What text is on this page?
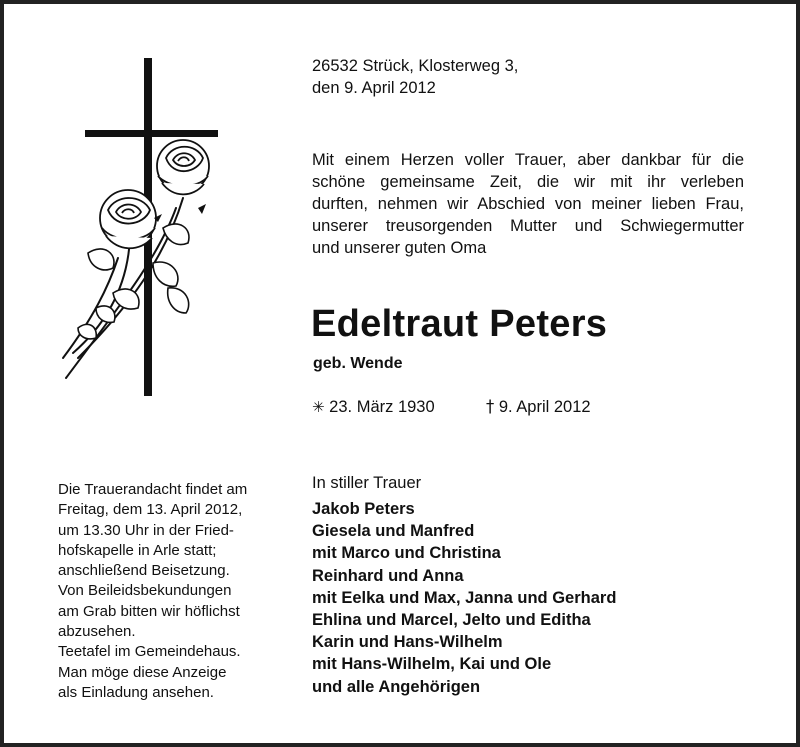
26532 Strück, Klosterweg 3,
den 9. April 2012
Mit einem Herzen voller Trauer, aber dankbar für die
schöne gemeinsame Zeit, die wir mit ihr verleben
durften, nehmen wir Abschied von meiner lieben Frau,
unserer treusorgenden Mutter und Schwiegermutter
und unserer guten Oma
Edeltraut Peters
geb. Wende
✳ 23. März 1930	† 9. April 2012
In stiller Trauer
Jakob Peters
Giesela und Manfred
mit Marco und Christina
Reinhard und Anna
mit Eelka und Max, Janna und Gerhard
Ehlina und Marcel, Jelto und Editha
Karin und Hans-Wilhelm
mit Hans-Wilhelm, Kai und Ole
und alle Angehörigen
Die Trauerandacht findet am
Freitag, dem 13. April 2012,
um 13.30 Uhr in der Fried-
hofskapelle in Arle statt;
anschließend Beisetzung.
Von Beileidsbekundungen
am Grab bitten wir höflichst
abzusehen.
Teetafel im Gemeindehaus.
Man möge diese Anzeige
als Einladung ansehen.
